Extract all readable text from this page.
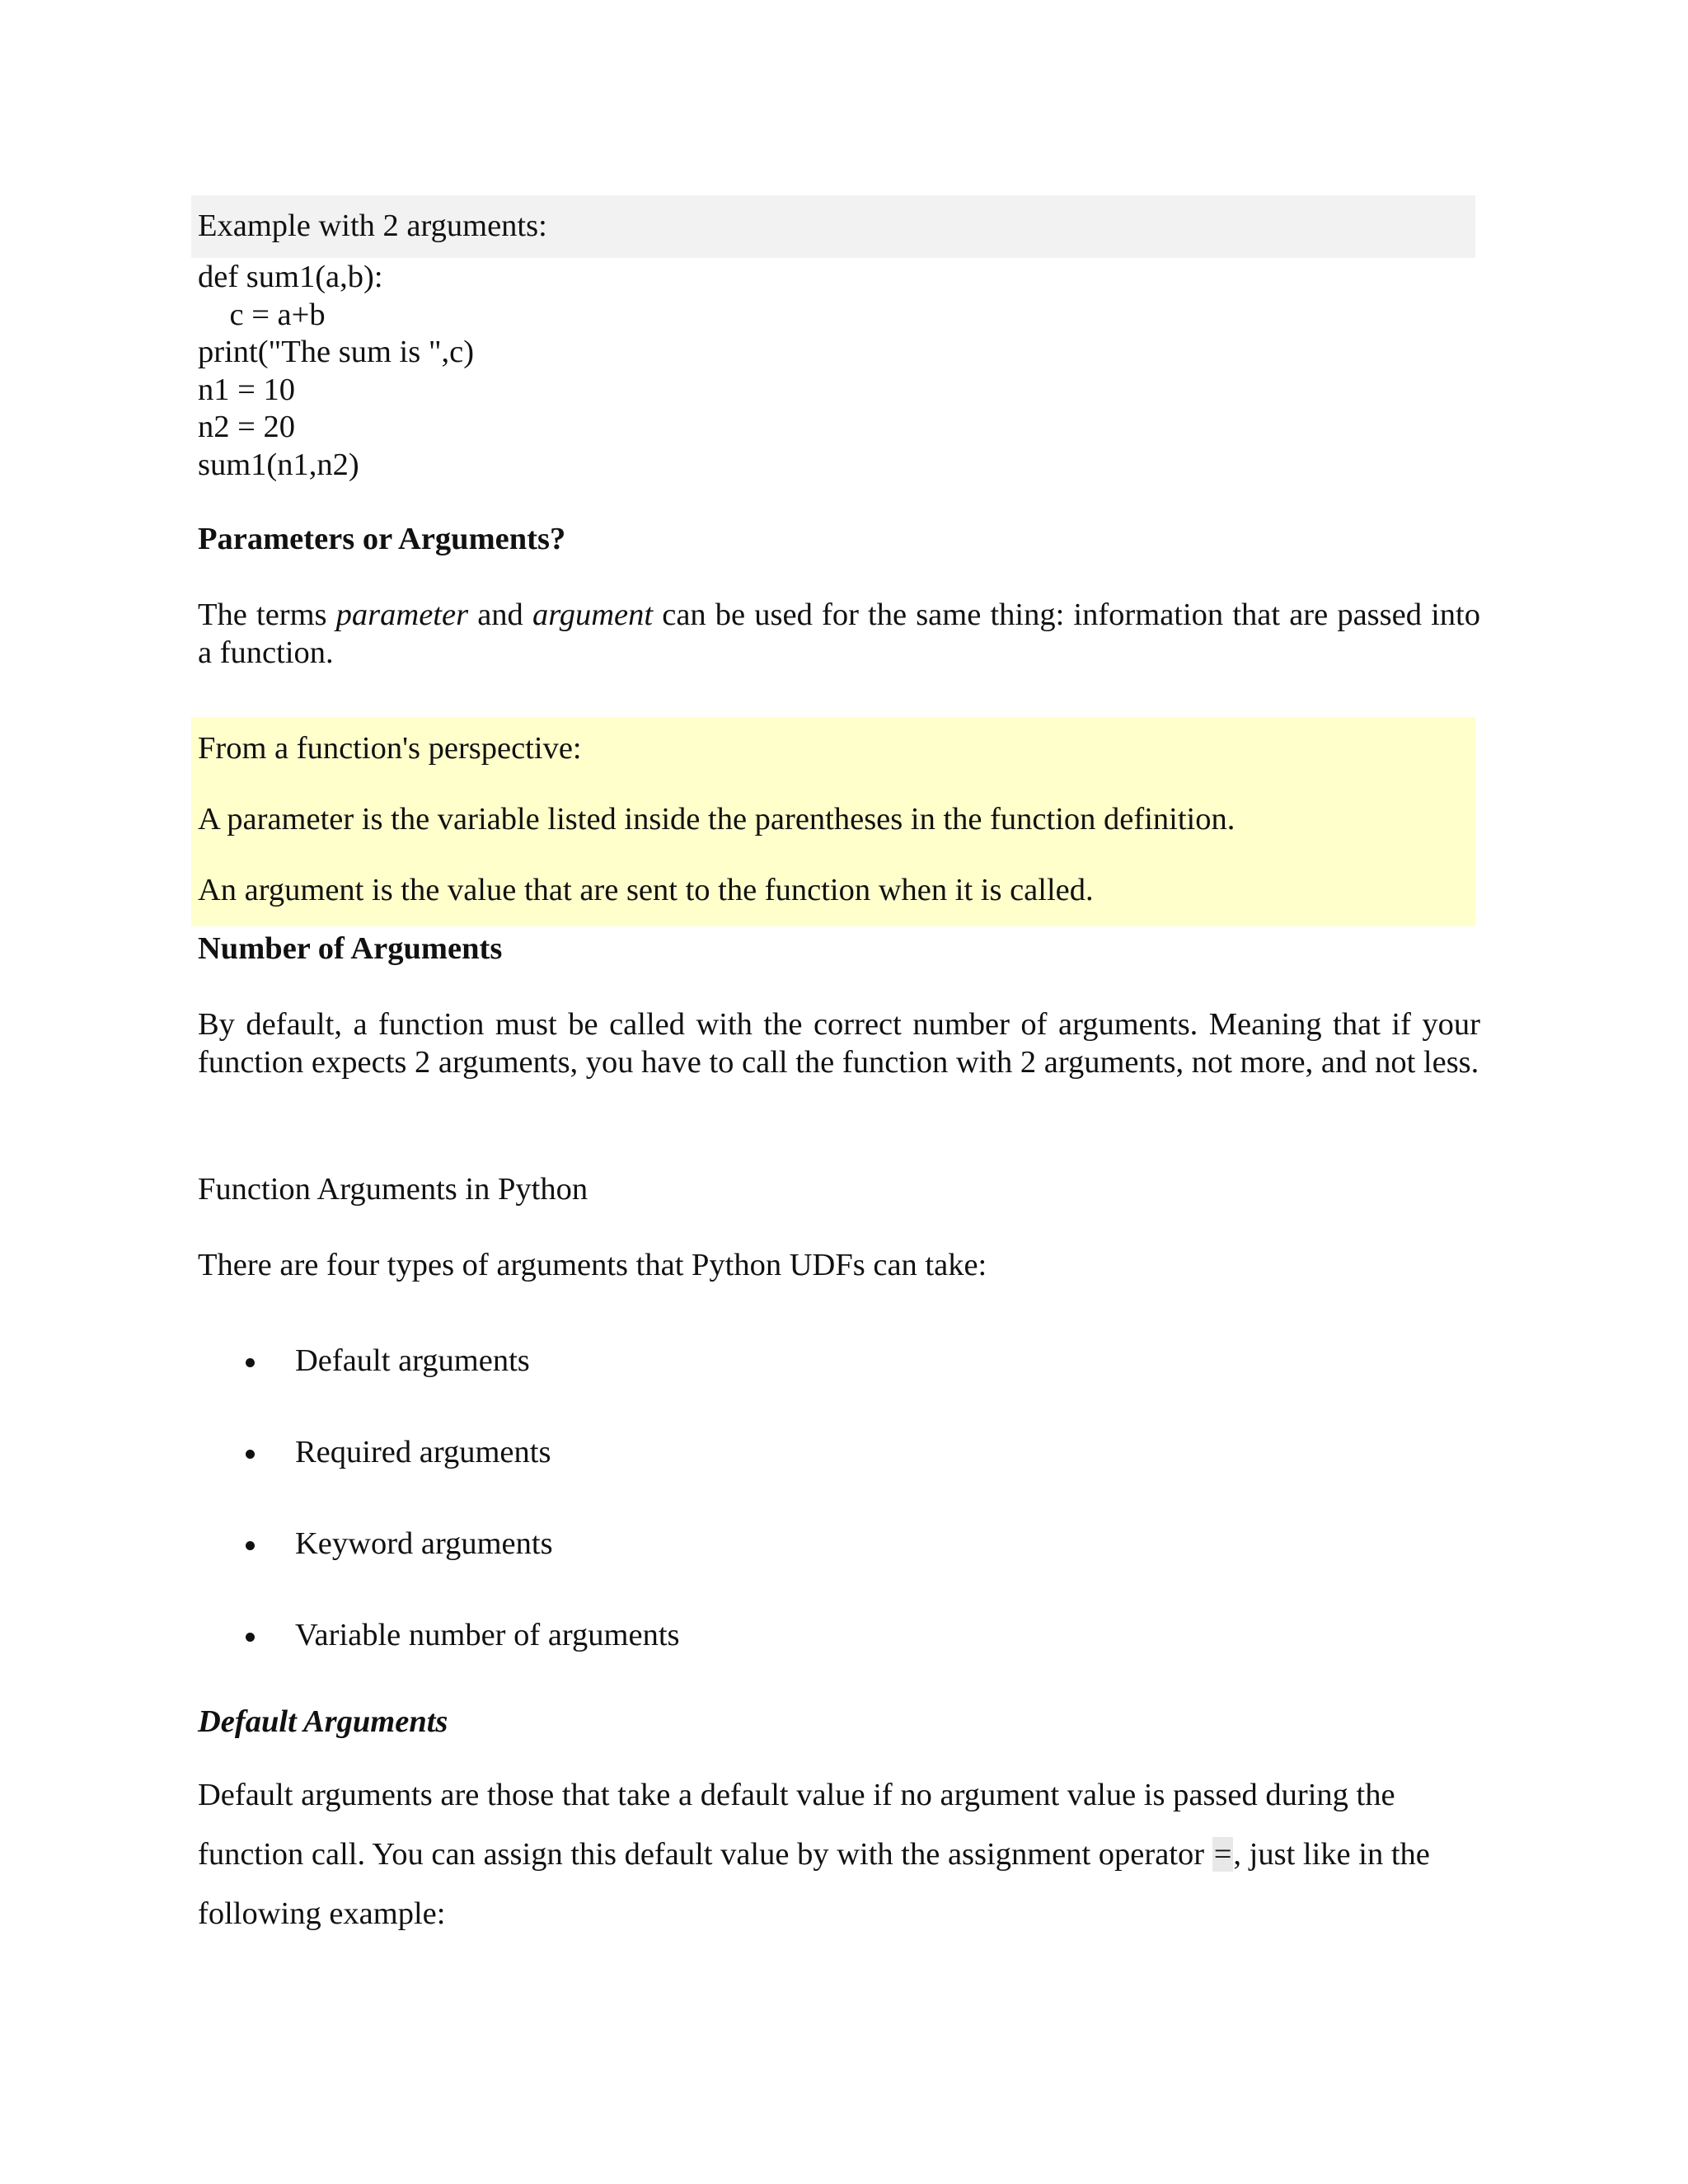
Example with 2 arguments:
def sum1(a,b):
c = a+b
print("The sum is ",c)
n1 = 10
n2 = 20
sum1(n1,n2)
Parameters or Arguments?
The terms parameter and argument can be used for the same thing: information that are passed into a function.
From a function's perspective:
A parameter is the variable listed inside the parentheses in the function definition.
An argument is the value that are sent to the function when it is called.
Number of Arguments
By default, a function must be called with the correct number of arguments. Meaning that if your function expects 2 arguments, you have to call the function with 2 arguments, not more, and not less.
Function Arguments in Python
There are four types of arguments that Python UDFs can take:
Default arguments
Required arguments
Keyword arguments
Variable number of arguments
Default Arguments
Default arguments are those that take a default value if no argument value is passed during the
function call. You can assign this default value by with the assignment operator =, just like in the
following example:
